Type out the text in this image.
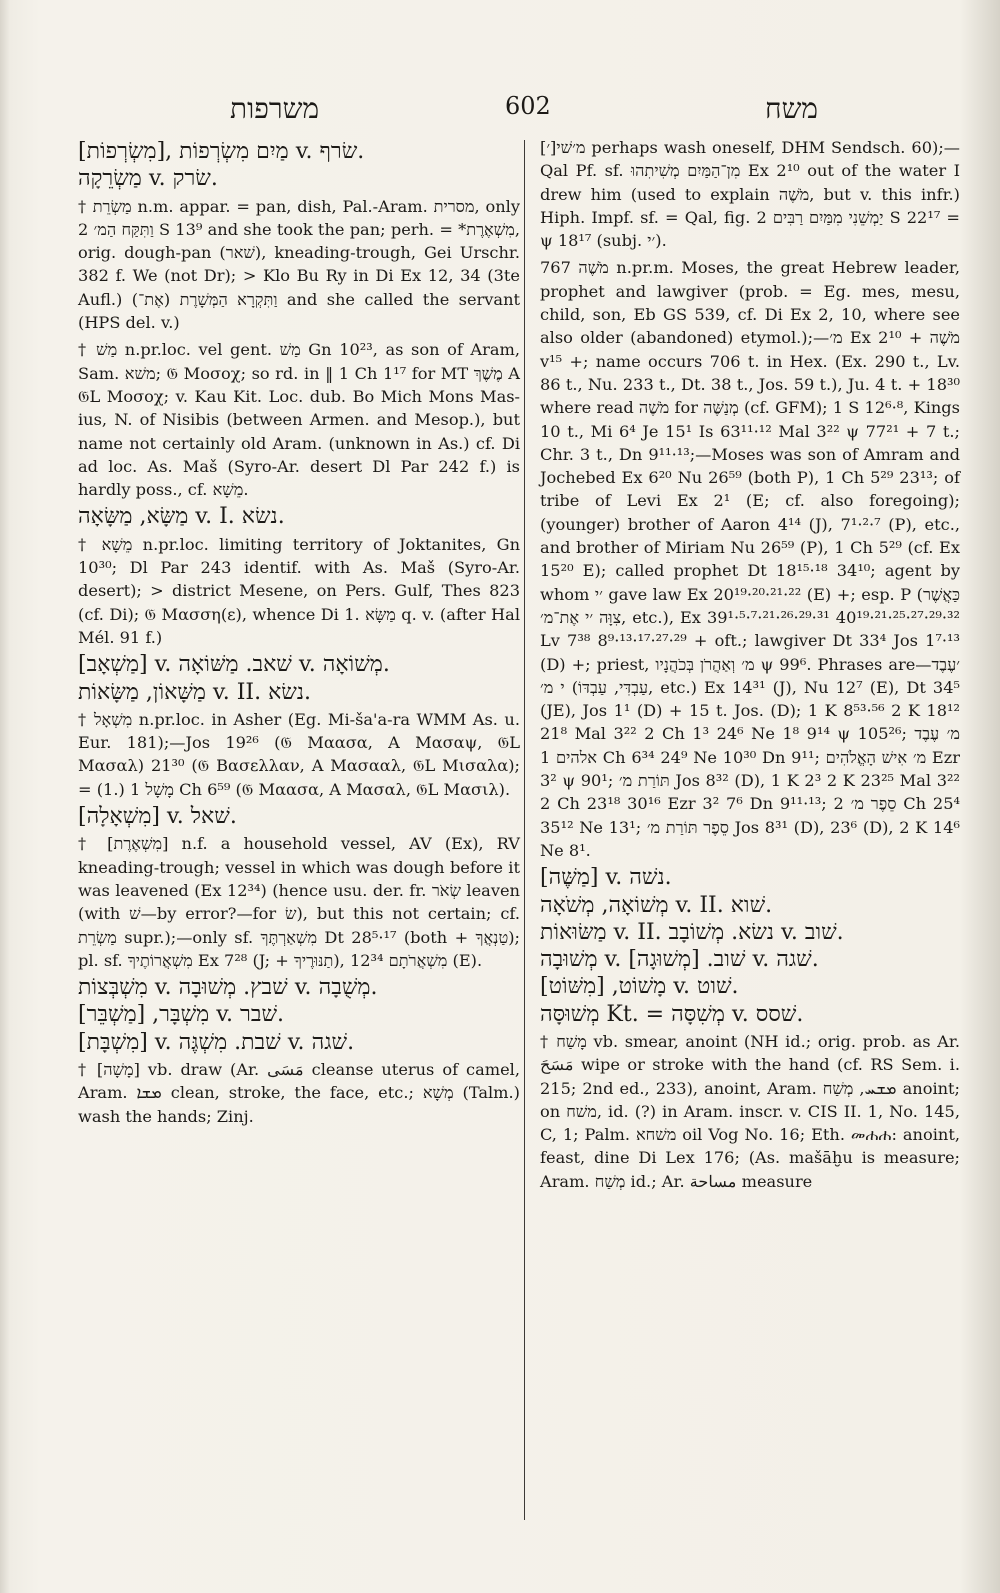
משרפות	602	משח

[מִשְׂרְפוֹת], מַיִם מִשְׂרְפוֹת v. שׂרף.

מַשְׂרֵקָה v. שׂרק.

† מַשְׂרֵת n.m. appar. = pan, dish, Pal.-Aram. מסרית, only וַתִּקַּח הַמ׳ 2 S 13⁹ and she took the pan; perh. = *מִשְׁאֶרֶת, orig. dough-pan (שׁאר), kneading-trough, Gei Urschr. 382 f. We (not Dr); > Klo Bu Ry in Di Ex 12, 34 (3te Aufl.) (אֶת־) וַתִּקְרָא הַמְּשָׁרֶת and she called the servant (HPS del. v.)

† מַשׁ n.pr.loc. vel gent. מַשׁ Gn 10²³, as son of Aram, Sam. משׁא; 𝔊 Μοσοχ; so rd. in ‖ 1 Ch 1¹⁷ for MT מֶשֶׁךְ A 𝔊L Μοσοχ; v. Kau Kit. Loc. dub. Bo Mich Mons Mas-ius, N. of Nisibis (between Armen. and Mesop.), but name not certainly old Aram. (unknown in As.) cf. Di ad loc. As. Maš (Syro-Ar. desert Dl Par 242 f.) is hardly poss., cf. מֵשָׁא.

מַשָּׂא, מַשָּׂאָה v. I. נשׂא.

† מֵשָׁא n.pr.loc. limiting territory of Joktanites, Gn 10³⁰; Dl Par 243 identif. with As. Maš (Syro-Ar. desert); > district Mesene, on Pers. Gulf, Thes 823 (cf. Di); 𝔊 Μασση(ε), whence Di 1. מַשָּׂא q. v. (after Hal Mél. 91 f.)

[מַשְׁאָב] v. שׁאב. מַשּׁוֹאָה v. מְשׁוֹאָה.

מַשָּׁאוֹן, מַשָּׂאוֹת v. II. נשׂא.

† מִשְׁאָל n.pr.loc. in Asher (Eg. Mi-ša'a-ra WMM As. u. Eur. 181);—Jos 19²⁶ (𝔊 Μαασα, A Μασαψ, 𝔊L Μασαλ) 21³⁰ (𝔊 Βασελλαν, A Μασααλ, 𝔊L Μισαλα); = (1.) מָשָׁל 1 Ch 6⁵⁹ (𝔊 Μαασα, A Μασαλ, 𝔊L Μασιλ).

[מִשְׁאָלָה] v. שׁאל.

† [מִשְׁאֶרֶת] n.f. a household vessel, AV (Ex), RV kneading-trough; vessel in which was dough before it was leavened (Ex 12³⁴) (hence usu. der. fr. שְׂאֹר leaven (with שׁ—by error?—for שׂ), but this not certain; cf. מַשְׂרֵת supr.);—only sf. מִשְׁאַרְתֶּךָ Dt 28⁵·¹⁷ (both + טַנְאֲךָ); pl. sf. מִשְׁאֲרוֹתֶיךָ Ex 7²⁸ (J; + תַנּוּרֶיךָ), מִשְׁאֲרֹתָם 12³⁴ (E).

מִשְׁבְּצוֹת v. שׁבץ. מְשׁוּבָה v. מְשֻׁבָה.

מִשְׁבָּר, [מַשְׁבֵּר] v. שׁבר.

[מִשְׁבָּת] v. שׁבת. מִשְׁגֶּה v. שׁגה.

† [מָשָׁה] vb. draw (Ar. مَسَى cleanse uterus of camel, Aram. ܡܫܐ clean, stroke, the face, etc.; מְשָׁא (Talm.) wash the hands; Zinj.

מ׳שׁי[׳] perhaps wash oneself, DHM Sendsch. 60);—Qal Pf. sf. מִן־הַמַּיִם מְשִׁיתִהוּ Ex 2¹⁰ out of the water I drew him (used to explain מֹשֶׁה, but v. this infr.) Hiph. Impf. sf. = Qal, fig. יַמְשֵׁנִי מִמַּיִם רַבִּים 2 S 22¹⁷ = ψ 18¹⁷ (subj. ׳י).

מֹשֶׁה 767 n.pr.m. Moses, the great Hebrew leader, prophet and lawgiver (prob. = Eg. mes, mesu, child, son, Eb GS 539, cf. Di Ex 2, 10, where see also older (abandoned) etymol.);—מ׳ Ex 2¹⁰ + מֹשֶׁה v¹⁵ +; name occurs 706 t. in Hex. (Ex. 290 t., Lv. 86 t., Nu. 233 t., Dt. 38 t., Jos. 59 t.), Ju. 4 t. + 18³⁰ where read מֹשֶׁה for מְנַשֶּׁה (cf. GFM); 1 S 12⁶·⁸, Kings 10 t., Mi 6⁴ Je 15¹ Is 63¹¹·¹² Mal 3²² ψ 77²¹ + 7 t.; Chr. 3 t., Dn 9¹¹·¹³;—Moses was son of Amram and Jochebed Ex 6²⁰ Nu 26⁵⁹ (both P), 1 Ch 5²⁹ 23¹³; of tribe of Levi Ex 2¹ (E; cf. also foregoing); (younger) brother of Aaron 4¹⁴ (J), 7¹·²·⁷ (P), etc., and brother of Miriam Nu 26⁵⁹ (P), 1 Ch 5²⁹ (cf. Ex 15²⁰ E); called prophet Dt 18¹⁵·¹⁸ 34¹⁰; agent by whom ׳י gave law Ex 20¹⁹·²⁰·²¹·²² (E) +; esp. P (כַּאֲשֶׁר צִוָּה ׳י אֶת־מ׳, etc.), Ex 39¹·⁵·⁷·²¹·²⁶·²⁹·³¹ 40¹⁹·²¹·²⁵·²⁷·²⁹·³² Lv 7³⁸ 8⁹·¹³·¹⁷·²⁷·²⁹ + oft.; lawgiver Dt 33⁴ Jos 1⁷·¹³ (D) +; priest, מ׳ וְאַהֲרֹן בְּכֹהֲנָיו ψ 99⁶. Phrases are—׳עֶבֶד י מ׳ (עַבְדִּי, עַבְדּוֹ, etc.) Ex 14³¹ (J), Nu 12⁷ (E), Dt 34⁵ (JE), Jos 1¹ (D) + 15 t. Jos. (D); 1 K 8⁵³·⁵⁶ 2 K 18¹² 21⁸ Mal 3²² 2 Ch 1³ 24⁶ Ne 1⁸ 9¹⁴ ψ 105²⁶; מ׳ עֶבֶד אלהים 1 Ch 6³⁴ 24⁹ Ne 10³⁰ Dn 9¹¹; מ׳ אִישׁ הָאֱלֹהִים Ezr 3² ψ 90¹; תּוֹרַת מ׳ Jos 8³² (D), 1 K 2³ 2 K 23²⁵ Mal 3²² 2 Ch 23¹⁸ 30¹⁶ Ezr 3² 7⁶ Dn 9¹¹·¹³; סֵפֶר מ׳ 2 Ch 25⁴ 35¹² Ne 13¹; סֵפֶר תּוֹרַת מ׳ Jos 8³¹ (D), 23⁶ (D), 2 K 14⁶ Ne 8¹.

[מַשֶּׁה] v. נשׁה.

מְשׁוֹאָה, מְשֹׁאָה v. II. שׁוא.

מַשּׂוּאוֹת v. II. נשׂא. מְשׁוֹבָב v. שׁוב.

מְשׁוּבָה v. שׁוב. [מְשׁוּגָה] v. שׁגה.

מָשׁוֹט, [מִשּׁוֹט] v. שׁוט.

מְשׁוּסָּה Kt. = מְשִׁסָּה v. שׁסס.

† מָשַׁח vb. smear, anoint (NH id.; orig. prob. as Ar. مَسَحَ wipe or stroke with the hand (cf. RS Sem. i. 215; 2nd ed., 233), anoint, Aram. ܡܫܚ, מְשַׁח anoint; on משׁח, id. (?) in Aram. inscr. v. CIS II. 1, No. 145, C, 1; Palm. משׁחא oil Vog No. 16; Eth. መሐሐ: anoint, feast, dine Di Lex 176; (As. mašāḫu is measure; Aram. מְשַׁח id.; Ar. مساحة measure
